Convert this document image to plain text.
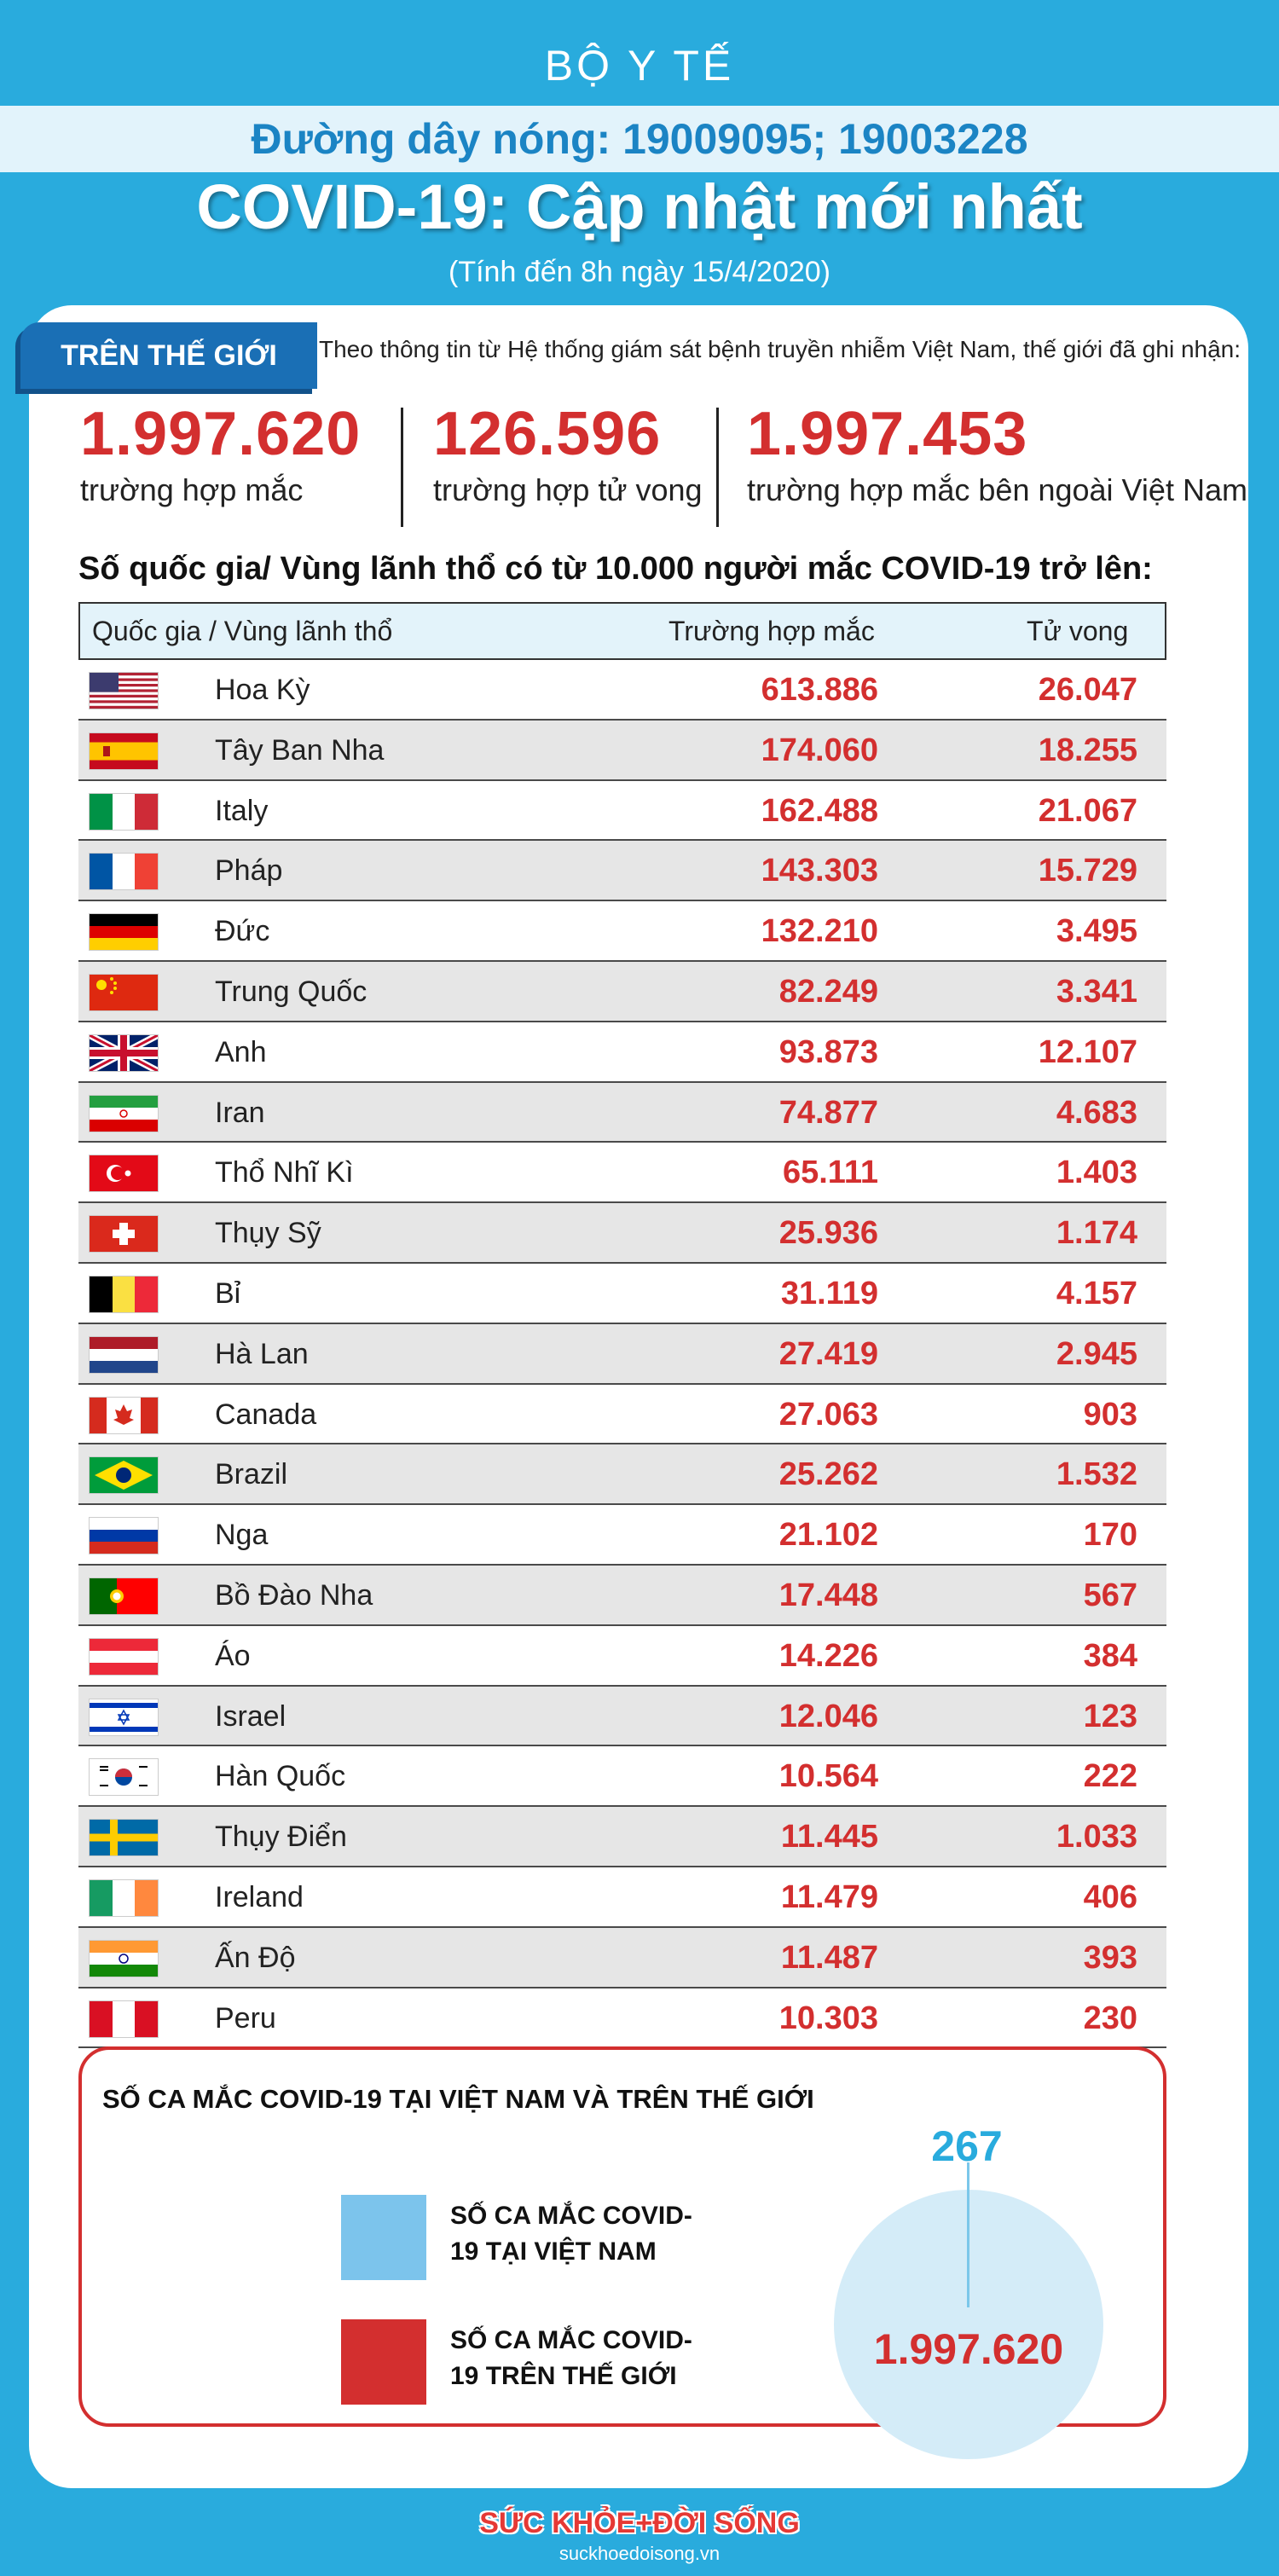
BỘ Y TẾ
Đường dây nóng: 19009095; 19003228
COVID-19: Cập nhật mới nhất
(Tính đến 8h ngày 15/4/2020)
TRÊN THẾ GIỚI	Theo thông tin từ Hệ thống giám sát bệnh truyền nhiễm Việt Nam, thế giới đã ghi nhận:
1.997.620
trường hợp mắc
126.596
trường hợp tử vong
1.997.453
trường hợp mắc bên ngoài Việt Nam
Số quốc gia/ Vùng lãnh thổ có từ 10.000 người mắc COVID-19 trở lên:
Quốc gia / Vùng lãnh thổ	Trường hợp mắc	Tử vong
Hoa Kỳ	613.886	26.047
Tây Ban Nha	174.060	18.255
Italy	162.488	21.067
Pháp	143.303	15.729
Đức	132.210	3.495
Trung Quốc	82.249	3.341
Anh	93.873	12.107
Iran	74.877	4.683
Thổ Nhĩ Kì	65.111	1.403
Thụy Sỹ	25.936	1.174
Bỉ	31.119	4.157
Hà Lan	27.419	2.945
Canada	27.063	903
Brazil	25.262	1.532
Nga	21.102	170
Bồ Đào Nha	17.448	567
Áo	14.226	384
Israel	12.046	123
Hàn Quốc	10.564	222
Thụy Điển	11.445	1.033
Ireland	11.479	406
Ấn Độ	11.487	393
Peru	10.303	230
SỐ CA MẮC COVID-19 TẠI VIỆT NAM VÀ TRÊN THẾ GIỚI
SỐ CA MẮC COVID-19 TẠI VIỆT NAM
SỐ CA MẮC COVID-19 TRÊN THẾ GIỚI
267
1.997.620
SỨC KHỎE+ĐỜI SỐNG
suckhoedoisong.vn
